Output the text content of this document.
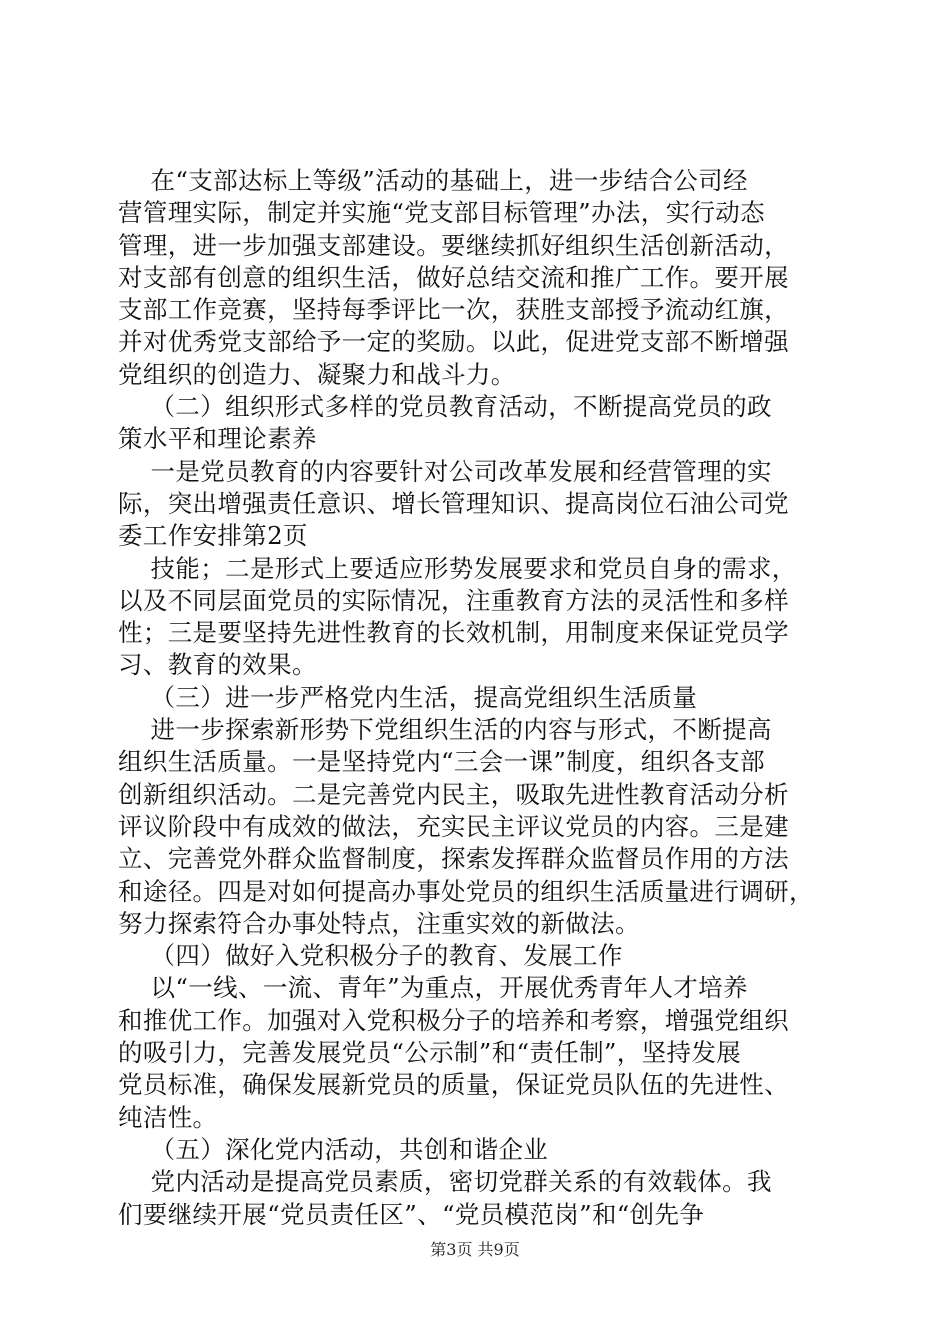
在“支部达标上等级”活动的基础上，进一步结合公司经
营管理实际，制定并实施“党支部目标管理”办法，实行动态
管理，进一步加强支部建设。要继续抓好组织生活创新活动，
对支部有创意的组织生活，做好总结交流和推广工作。要开展
支部工作竞赛，坚持每季评比一次，获胜支部授予流动红旗，
并对优秀党支部给予一定的奖励。以此，促进党支部不断增强
党组织的创造力、凝聚力和战斗力。
（二）组织形式多样的党员教育活动，不断提高党员的政
策水平和理论素养
一是党员教育的内容要针对公司改革发展和经营管理的实
际，突出增强责任意识、增长管理知识、提高岗位石油公司党
委工作安排第2页
技能；二是形式上要适应形势发展要求和党员自身的需求，
以及不同层面党员的实际情况，注重教育方法的灵活性和多样
性；三是要坚持先进性教育的长效机制，用制度来保证党员学
习、教育的效果。
（三）进一步严格党内生活，提高党组织生活质量
进一步探索新形势下党组织生活的内容与形式，不断提高
组织生活质量。一是坚持党内“三会一课”制度，组织各支部
创新组织活动。二是完善党内民主，吸取先进性教育活动分析
评议阶段中有成效的做法，充实民主评议党员的内容。三是建
立、完善党外群众监督制度，探索发挥群众监督员作用的方法
和途径。四是对如何提高办事处党员的组织生活质量进行调研，
努力探索符合办事处特点，注重实效的新做法。
（四）做好入党积极分子的教育、发展工作
以“一线、一流、青年”为重点，开展优秀青年人才培养
和推优工作。加强对入党积极分子的培养和考察，增强党组织
的吸引力，完善发展党员“公示制”和“责任制”，坚持发展
党员标准，确保发展新党员的质量，保证党员队伍的先进性、
纯洁性。
（五）深化党内活动，共创和谐企业
党内活动是提高党员素质，密切党群关系的有效载体。我
们要继续开展“党员责任区”、“党员模范岗”和“创先争
第3页 共9页
